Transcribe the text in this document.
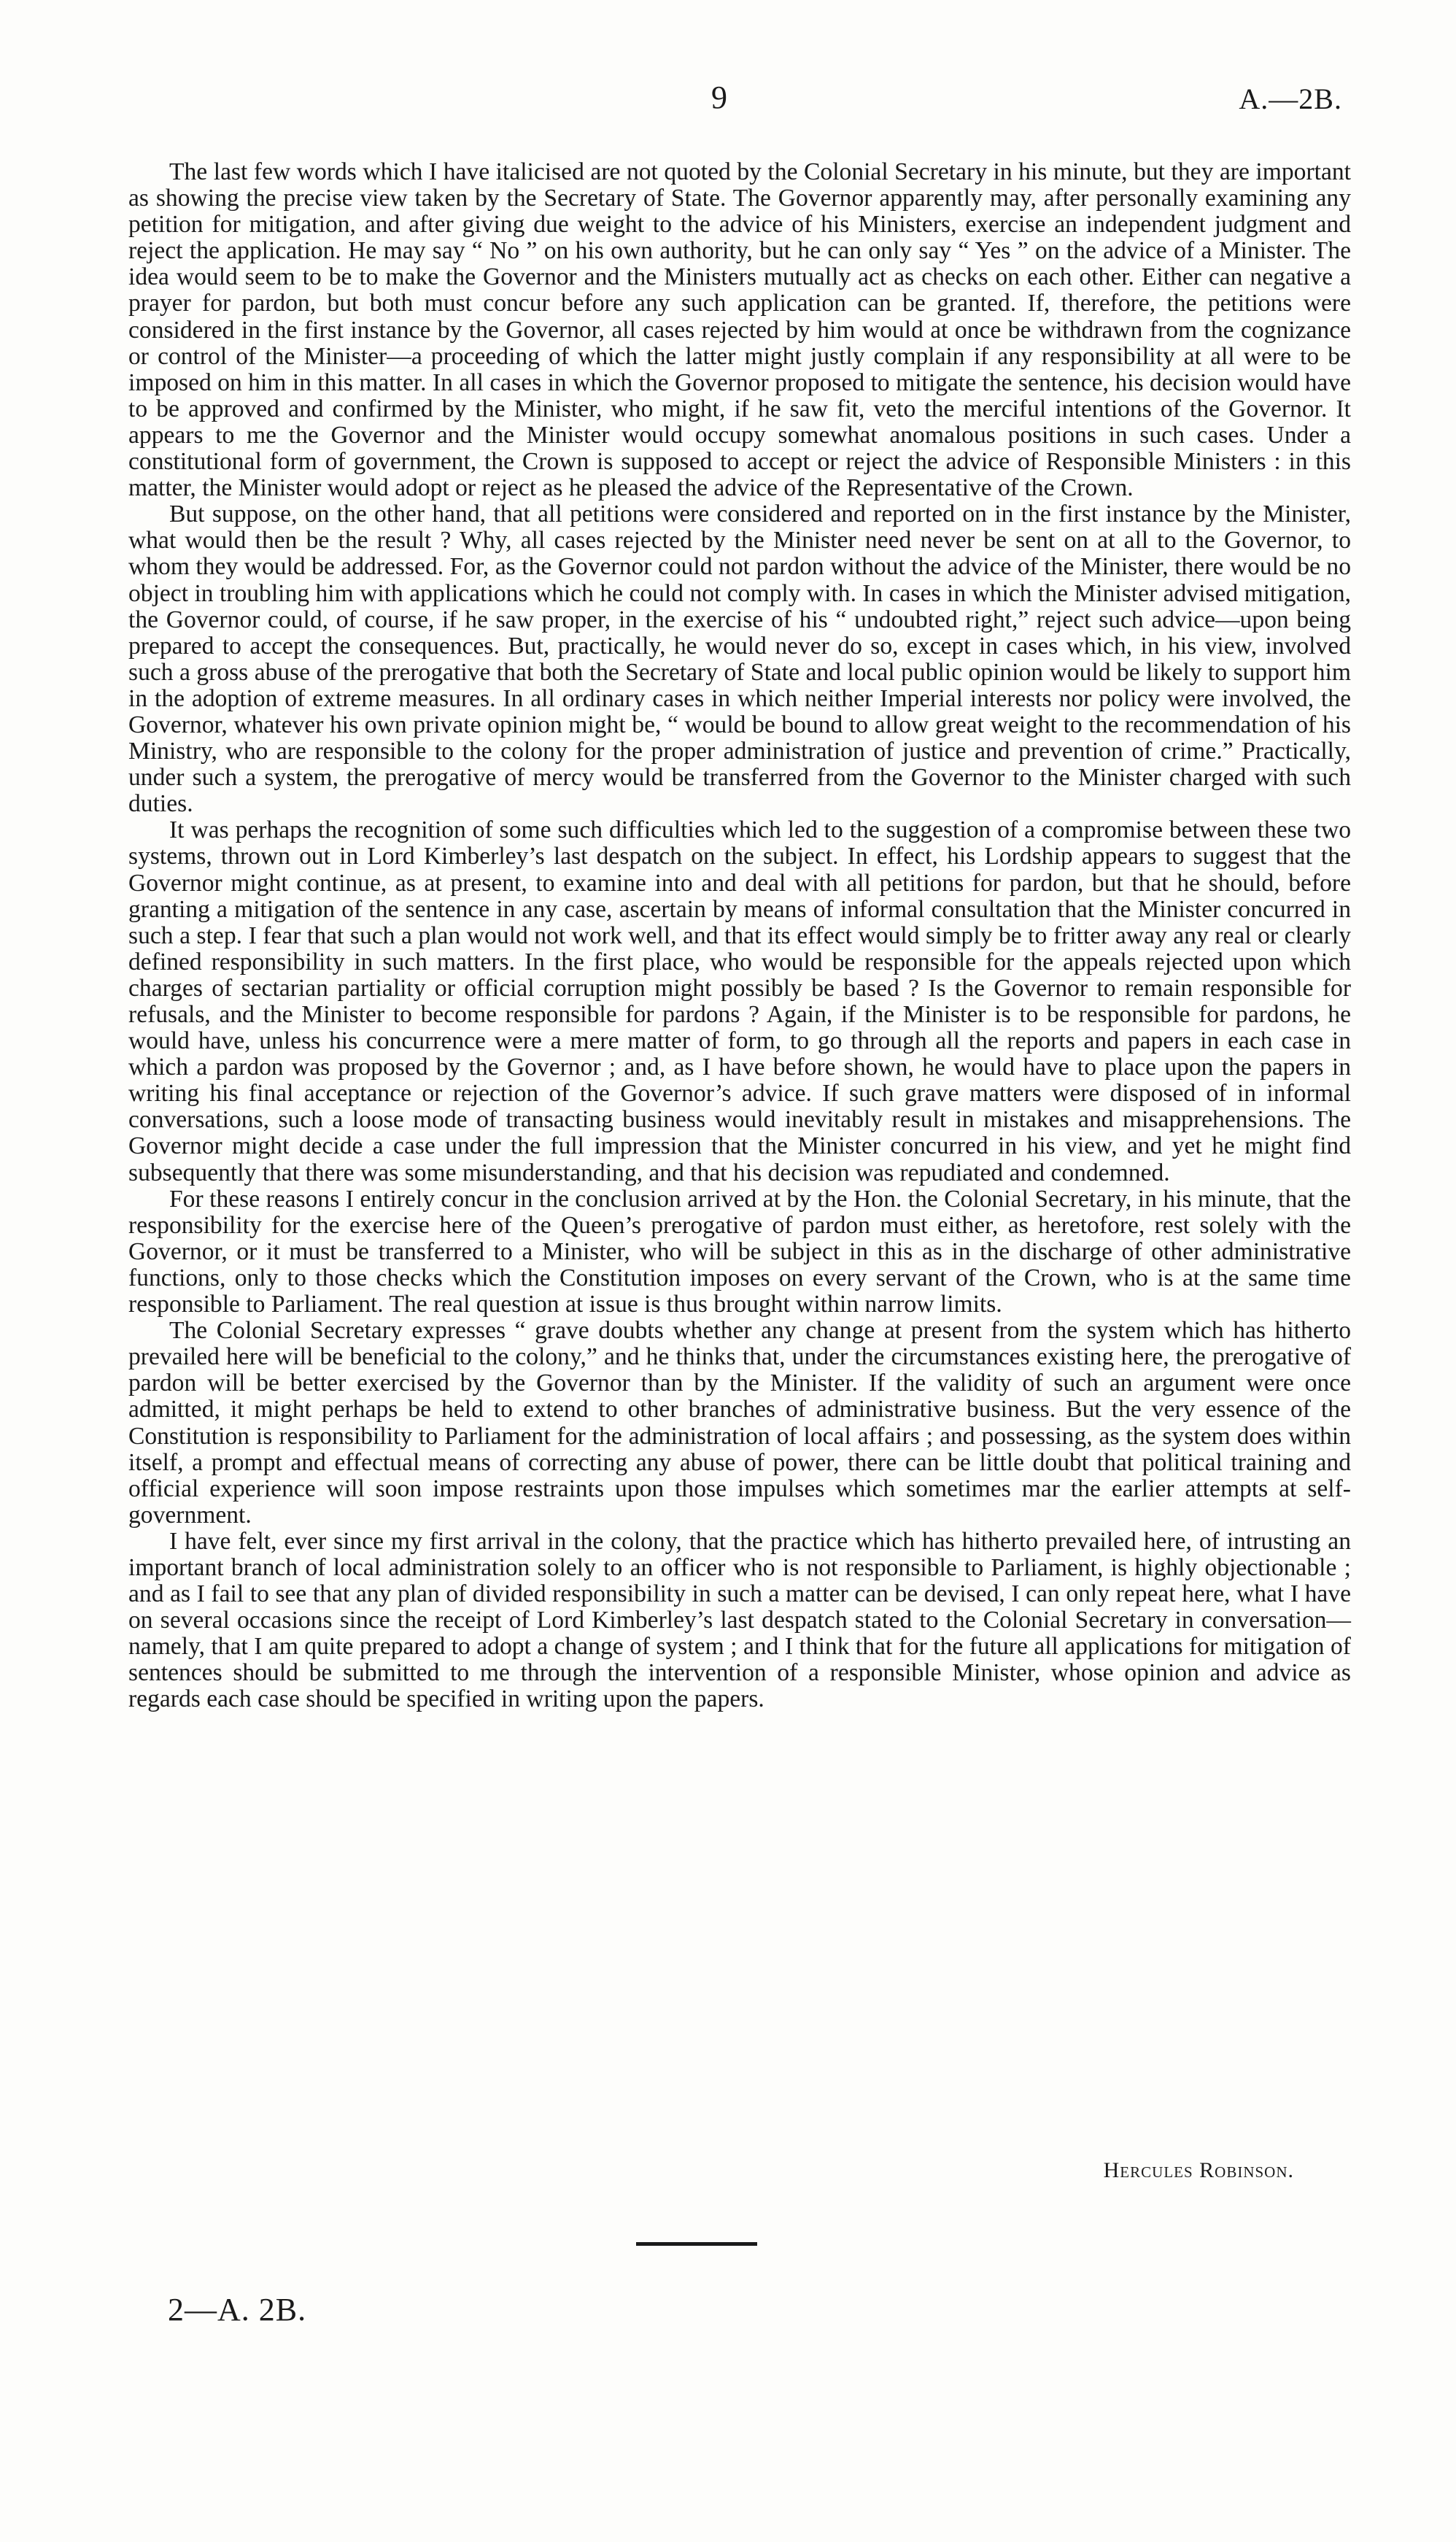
9	A.—2B.

The last few words which I have italicised are not quoted by the Colonial Secretary in his minute, but they are important as showing the precise view taken by the Secretary of State. The Governor apparently may, after personally examining any petition for mitigation, and after giving due weight to the advice of his Ministers, exercise an independent judgment and reject the application. He may say “ No ” on his own authority, but he can only say “ Yes ” on the advice of a Minister. The idea would seem to be to make the Governor and the Ministers mutually act as checks on each other. Either can negative a prayer for pardon, but both must concur before any such application can be granted. If, therefore, the petitions were considered in the first instance by the Governor, all cases rejected by him would at once be withdrawn from the cognizance or control of the Minister—a proceeding of which the latter might justly complain if any responsibility at all were to be imposed on him in this matter. In all cases in which the Governor proposed to mitigate the sentence, his decision would have to be approved and confirmed by the Minister, who might, if he saw fit, veto the merciful intentions of the Governor. It appears to me the Governor and the Minister would occupy somewhat anomalous positions in such cases. Under a constitutional form of government, the Crown is supposed to accept or reject the advice of Responsible Ministers : in this matter, the Minister would adopt or reject as he pleased the advice of the Representative of the Crown.

But suppose, on the other hand, that all petitions were considered and reported on in the first instance by the Minister, what would then be the result ? Why, all cases rejected by the Minister need never be sent on at all to the Governor, to whom they would be addressed. For, as the Governor could not pardon without the advice of the Minister, there would be no object in troubling him with applications which he could not comply with. In cases in which the Minister advised mitigation, the Governor could, of course, if he saw proper, in the exercise of his “ undoubted right,” reject such advice—upon being prepared to accept the consequences. But, practically, he would never do so, except in cases which, in his view, involved such a gross abuse of the prerogative that both the Secretary of State and local public opinion would be likely to support him in the adoption of extreme measures. In all ordinary cases in which neither Imperial interests nor policy were involved, the Governor, whatever his own private opinion might be, “ would be bound to allow great weight to the recommendation of his Ministry, who are responsible to the colony for the proper administration of justice and prevention of crime.” Practically, under such a system, the prerogative of mercy would be transferred from the Governor to the Minister charged with such duties.

It was perhaps the recognition of some such difficulties which led to the suggestion of a compromise between these two systems, thrown out in Lord Kimberley’s last despatch on the subject. In effect, his Lordship appears to suggest that the Governor might continue, as at present, to examine into and deal with all petitions for pardon, but that he should, before granting a mitigation of the sentence in any case, ascertain by means of informal consultation that the Minister concurred in such a step. I fear that such a plan would not work well, and that its effect would simply be to fritter away any real or clearly defined responsibility in such matters. In the first place, who would be responsible for the appeals rejected upon which charges of sectarian partiality or official corruption might possibly be based ? Is the Governor to remain responsible for refusals, and the Minister to become responsible for pardons ? Again, if the Minister is to be responsible for pardons, he would have, unless his concurrence were a mere matter of form, to go through all the reports and papers in each case in which a pardon was proposed by the Governor ; and, as I have before shown, he would have to place upon the papers in writing his final acceptance or rejection of the Governor’s advice. If such grave matters were disposed of in informal conversations, such a loose mode of transacting business would inevitably result in mistakes and misapprehensions. The Governor might decide a case under the full impression that the Minister concurred in his view, and yet he might find subsequently that there was some misunderstanding, and that his decision was repudiated and condemned.

For these reasons I entirely concur in the conclusion arrived at by the Hon. the Colonial Secretary, in his minute, that the responsibility for the exercise here of the Queen’s prerogative of pardon must either, as heretofore, rest solely with the Governor, or it must be transferred to a Minister, who will be subject in this as in the discharge of other administrative functions, only to those checks which the Constitution imposes on every servant of the Crown, who is at the same time responsible to Parliament. The real question at issue is thus brought within narrow limits.

The Colonial Secretary expresses “ grave doubts whether any change at present from the system which has hitherto prevailed here will be beneficial to the colony,” and he thinks that, under the circumstances existing here, the prerogative of pardon will be better exercised by the Governor than by the Minister. If the validity of such an argument were once admitted, it might perhaps be held to extend to other branches of administrative business. But the very essence of the Constitution is responsibility to Parliament for the administration of local affairs ; and possessing, as the system does within itself, a prompt and effectual means of correcting any abuse of power, there can be little doubt that political training and official experience will soon impose restraints upon those impulses which sometimes mar the earlier attempts at self-government.

I have felt, ever since my first arrival in the colony, that the practice which has hitherto prevailed here, of intrusting an important branch of local administration solely to an officer who is not responsible to Parliament, is highly objectionable ; and as I fail to see that any plan of divided responsibility in such a matter can be devised, I can only repeat here, what I have on several occasions since the receipt of Lord Kimberley’s last despatch stated to the Colonial Secretary in conversation—namely, that I am quite prepared to adopt a change of system ; and I think that for the future all applications for mitigation of sentences should be submitted to me through the intervention of a responsible Minister, whose opinion and advice as regards each case should be specified in writing upon the papers.

Hercules Robinson.
2—A. 2B.
